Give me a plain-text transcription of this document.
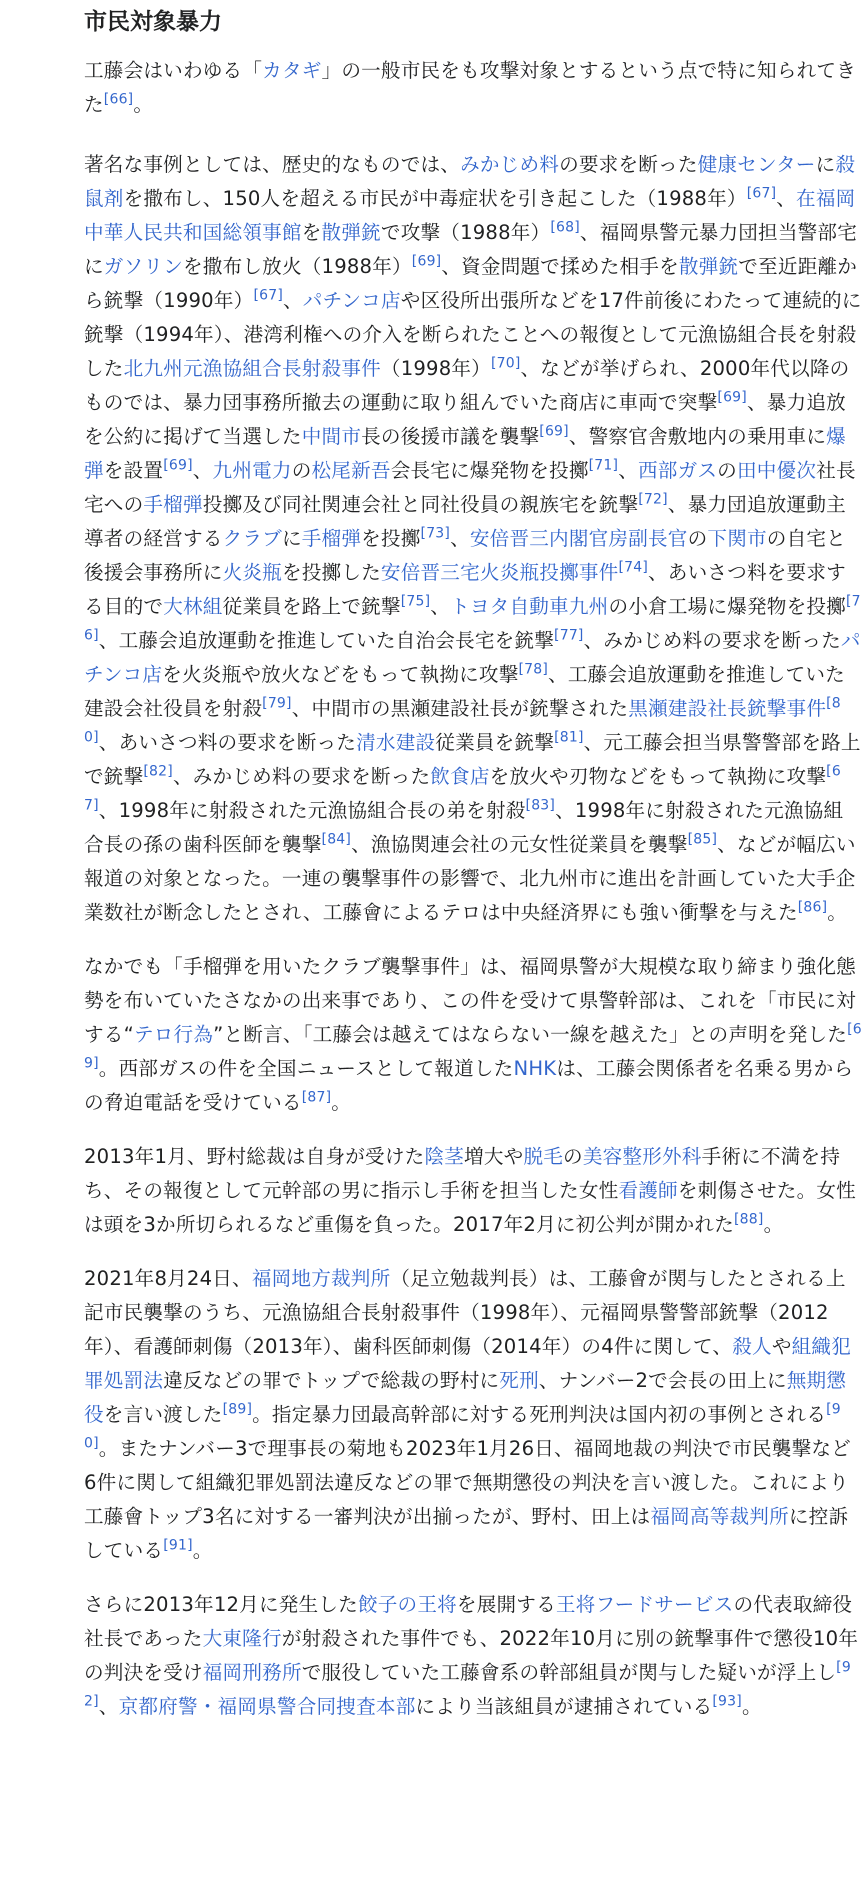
市民対象暴力

工藤会はいわゆる「カタギ」の一般市民をも攻撃対象とするという点で特に知られてきた[66]。

著名な事例としては、歴史的なものでは、みかじめ料の要求を断った健康センターに殺鼠剤を撒布し、150人を超える市民が中毒症状を引き起こした（1988年）[67]、在福岡中華人民共和国総領事館を散弾銃で攻撃（1988年）[68]、福岡県警元暴力団担当警部宅にガソリンを撒布し放火（1988年）[69]、資金問題で揉めた相手を散弾銃で至近距離から銃撃（1990年）[67]、パチンコ店や区役所出張所などを17件前後にわたって連続的に銃撃（1994年）、港湾利権への介入を断られたことへの報復として元漁協組合長を射殺した北九州元漁協組合長射殺事件（1998年）[70]、などが挙げられ、2000年代以降のものでは、暴力団事務所撤去の運動に取り組んでいた商店に車両で突撃[69]、暴力追放を公約に掲げて当選した中間市長の後援市議を襲撃[69]、警察官舎敷地内の乗用車に爆弾を設置[69]、九州電力の松尾新吾会長宅に爆発物を投擲[71]、西部ガスの田中優次社長宅への手榴弾投擲及び同社関連会社と同社役員の親族宅を銃撃[72]、暴力団追放運動主導者の経営するクラブに手榴弾を投擲[73]、安倍晋三内閣官房副長官の下関市の自宅と後援会事務所に火炎瓶を投擲した安倍晋三宅火炎瓶投擲事件[74]、あいさつ料を要求する目的で大林組従業員を路上で銃撃[75]、トヨタ自動車九州の小倉工場に爆発物を投擲[76]、工藤会追放運動を推進していた自治会長宅を銃撃[77]、みかじめ料の要求を断ったパチンコ店を火炎瓶や放火などをもって執拗に攻撃[78]、工藤会追放運動を推進していた建設会社役員を射殺[79]、中間市の黒瀬建設社長が銃撃された黒瀬建設社長銃撃事件[80]、あいさつ料の要求を断った清水建設従業員を銃撃[81]、元工藤会担当県警警部を路上で銃撃[82]、みかじめ料の要求を断った飲食店を放火や刃物などをもって執拗に攻撃[67]、1998年に射殺された元漁協組合長の弟を射殺[83]、1998年に射殺された元漁協組合長の孫の歯科医師を襲撃[84]、漁協関連会社の元女性従業員を襲撃[85]、などが幅広い報道の対象となった。一連の襲撃事件の影響で、北九州市に進出を計画していた大手企業数社が断念したとされ、工藤會によるテロは中央経済界にも強い衝撃を与えた[86]。

なかでも「手榴弾を用いたクラブ襲撃事件」は、福岡県警が大規模な取り締まり強化態勢を布いていたさなかの出来事であり、この件を受けて県警幹部は、これを「市民に対する“テロ行為”と断言、「工藤会は越えてはならない一線を越えた」との声明を発した[69]。西部ガスの件を全国ニュースとして報道したNHKは、工藤会関係者を名乗る男からの脅迫電話を受けている[87]。

2013年1月、野村総裁は自身が受けた陰茎増大や脱毛の美容整形外科手術に不満を持ち、その報復として元幹部の男に指示し手術を担当した女性看護師を刺傷させた。女性は頭を3か所切られるなど重傷を負った。2017年2月に初公判が開かれた[88]。

2021年8月24日、福岡地方裁判所（足立勉裁判長）は、工藤會が関与したとされる上記市民襲撃のうち、元漁協組合長射殺事件（1998年）、元福岡県警警部銃撃（2012年）、看護師刺傷（2013年）、歯科医師刺傷（2014年）の4件に関して、殺人や組織犯罪処罰法違反などの罪でトップで総裁の野村に死刑、ナンバー2で会長の田上に無期懲役を言い渡した[89]。指定暴力団最高幹部に対する死刑判決は国内初の事例とされる[90]。またナンバー3で理事長の菊地も2023年1月26日、福岡地裁の判決で市民襲撃など6件に関して組織犯罪処罰法違反などの罪で無期懲役の判決を言い渡した。これにより工藤會トップ3名に対する一審判決が出揃ったが、野村、田上は福岡高等裁判所に控訴している[91]。

さらに2013年12月に発生した餃子の王将を展開する王将フードサービスの代表取締役社長であった大東隆行が射殺された事件でも、2022年10月に別の銃撃事件で懲役10年の判決を受け福岡刑務所で服役していた工藤會系の幹部組員が関与した疑いが浮上し[92]、京都府警・福岡県警合同捜査本部により当該組員が逮捕されている[93]。
